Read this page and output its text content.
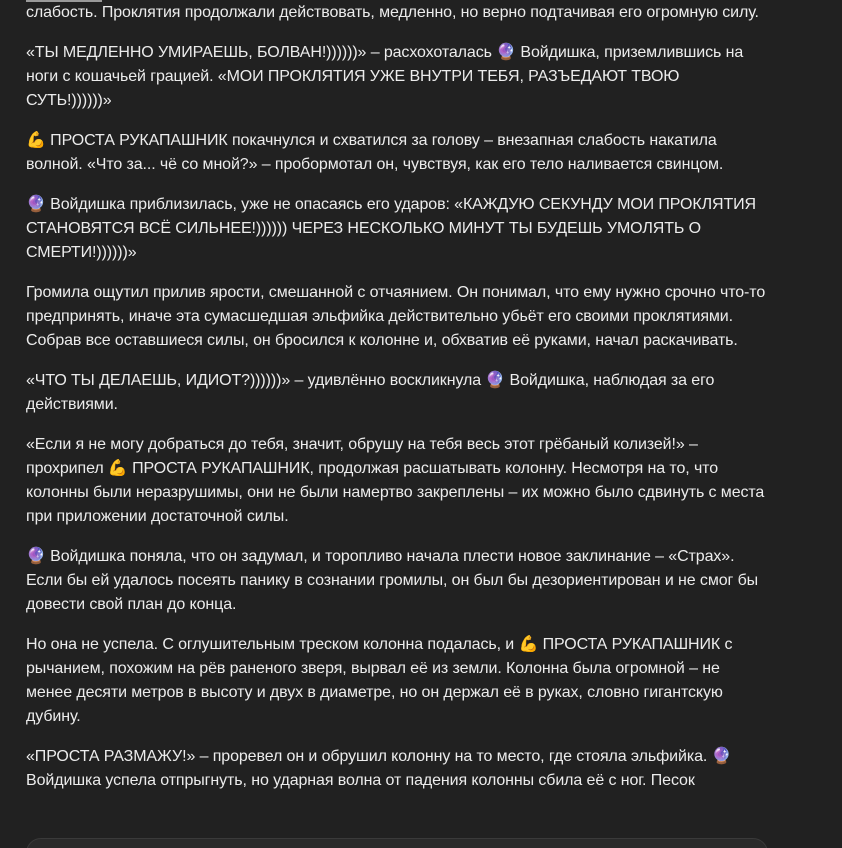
слабость. Проклятия продолжали действовать, медленно, но верно подтачивая его огромную силу.

«ТЫ МЕДЛЕННО УМИРАЕШЬ, БОЛВАН!))))))» – расхохоталась 🔮 Войдишка, приземлившись на ноги с кошачьей грацией. «МОИ ПРОКЛЯТИЯ УЖЕ ВНУТРИ ТЕБЯ, РАЗЪЕДАЮТ ТВОЮ СУТЬ!))))))»

💪 ПРОСТА РУКАПАШНИК покачнулся и схватился за голову – внезапная слабость накатила волной. «Что за... чё со мной?» – пробормотал он, чувствуя, как его тело наливается свинцом.

🔮 Войдишка приблизилась, уже не опасаясь его ударов: «КАЖДУЮ СЕКУНДУ МОИ ПРОКЛЯТИЯ СТАНОВЯТСЯ ВСЁ СИЛЬНЕЕ!)))))) ЧЕРЕЗ НЕСКОЛЬКО МИНУТ ТЫ БУДЕШЬ УМОЛЯТЬ О СМЕРТИ!))))))»

Громила ощутил прилив ярости, смешанной с отчаянием. Он понимал, что ему нужно срочно что-то предпринять, иначе эта сумасшедшая эльфийка действительно убьёт его своими проклятиями. Собрав все оставшиеся силы, он бросился к колонне и, обхватив её руками, начал раскачивать.

«ЧТО ТЫ ДЕЛАЕШЬ, ИДИОТ?))))))» – удивлённо воскликнула 🔮 Войдишка, наблюдая за его действиями.

«Если я не могу добраться до тебя, значит, обрушу на тебя весь этот грёбаный колизей!» – прохрипел 💪 ПРОСТА РУКАПАШНИК, продолжая расшатывать колонну. Несмотря на то, что колонны были неразрушимы, они не были намертво закреплены – их можно было сдвинуть с места при приложении достаточной силы.

🔮 Войдишка поняла, что он задумал, и торопливо начала плести новое заклинание – «Страх». Если бы ей удалось посеять панику в сознании громилы, он был бы дезориентирован и не смог бы довести свой план до конца.

Но она не успела. С оглушительным треском колонна подалась, и 💪 ПРОСТА РУКАПАШНИК с рычанием, похожим на рёв раненого зверя, вырвал её из земли. Колонна была огромной – не менее десяти метров в высоту и двух в диаметре, но он держал её в руках, словно гигантскую дубину.

«ПРОСТА РАЗМАЖУ!» – проревел он и обрушил колонну на то место, где стояла эльфийка. 🔮 Войдишка успела отпрыгнуть, но ударная волна от падения колонны сбила её с ног. Песок
